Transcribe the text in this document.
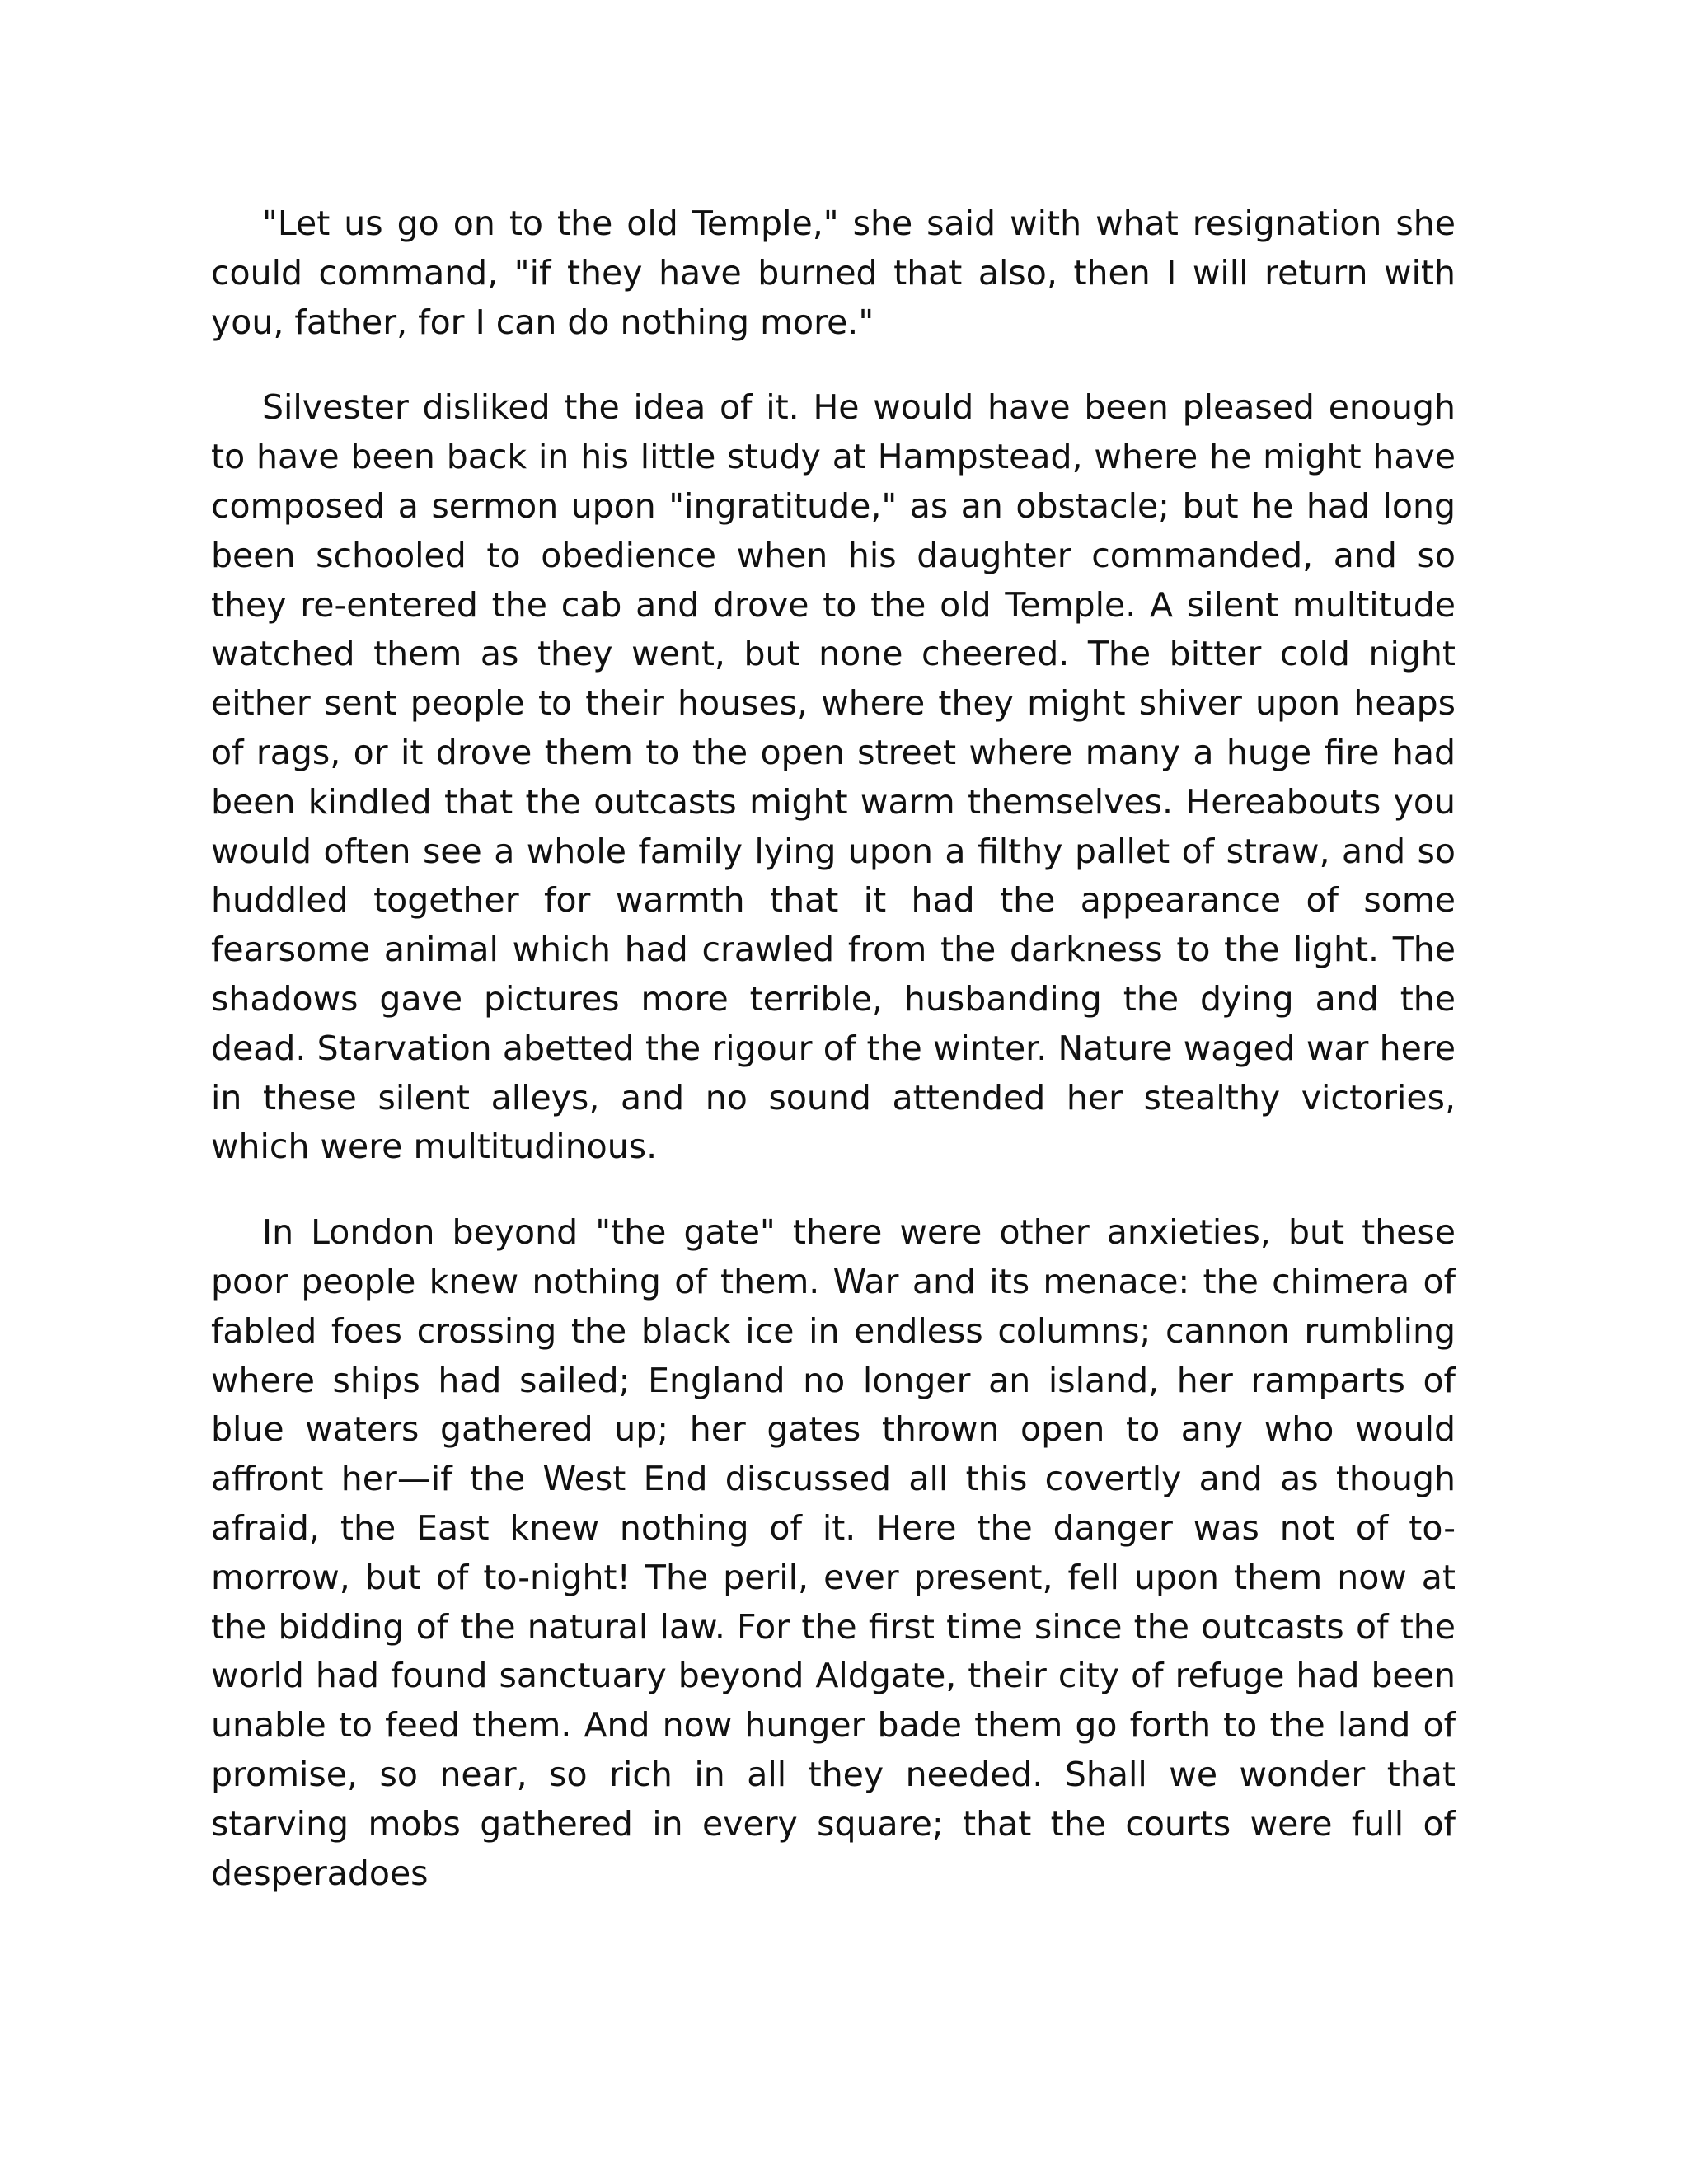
"Let us go on to the old Temple," she said with what resignation she could command, "if they have burned that also, then I will return with you, father, for I can do nothing more."

Silvester disliked the idea of it. He would have been pleased enough to have been back in his little study at Hampstead, where he might have composed a sermon upon "ingratitude," as an obstacle; but he had long been schooled to obedience when his daughter commanded, and so they re-entered the cab and drove to the old Temple. A silent multitude watched them as they went, but none cheered. The bitter cold night either sent people to their houses, where they might shiver upon heaps of rags, or it drove them to the open street where many a huge fire had been kindled that the outcasts might warm themselves. Hereabouts you would often see a whole family lying upon a filthy pallet of straw, and so huddled together for warmth that it had the appearance of some fearsome animal which had crawled from the darkness to the light. The shadows gave pictures more terrible, husbanding the dying and the dead. Starvation abetted the rigour of the winter. Nature waged war here in these silent alleys, and no sound attended her stealthy victories, which were multitudinous.

In London beyond "the gate" there were other anxieties, but these poor people knew nothing of them. War and its menace: the chimera of fabled foes crossing the black ice in endless columns; cannon rumbling where ships had sailed; England no longer an island, her ramparts of blue waters gathered up; her gates thrown open to any who would affront her—if the West End discussed all this covertly and as though afraid, the East knew nothing of it. Here the danger was not of to-morrow, but of to-night! The peril, ever present, fell upon them now at the bidding of the natural law. For the first time since the outcasts of the world had found sanctuary beyond Aldgate, their city of refuge had been unable to feed them. And now hunger bade them go forth to the land of promise, so near, so rich in all they needed. Shall we wonder that starving mobs gathered in every square; that the courts were full of desperadoes
